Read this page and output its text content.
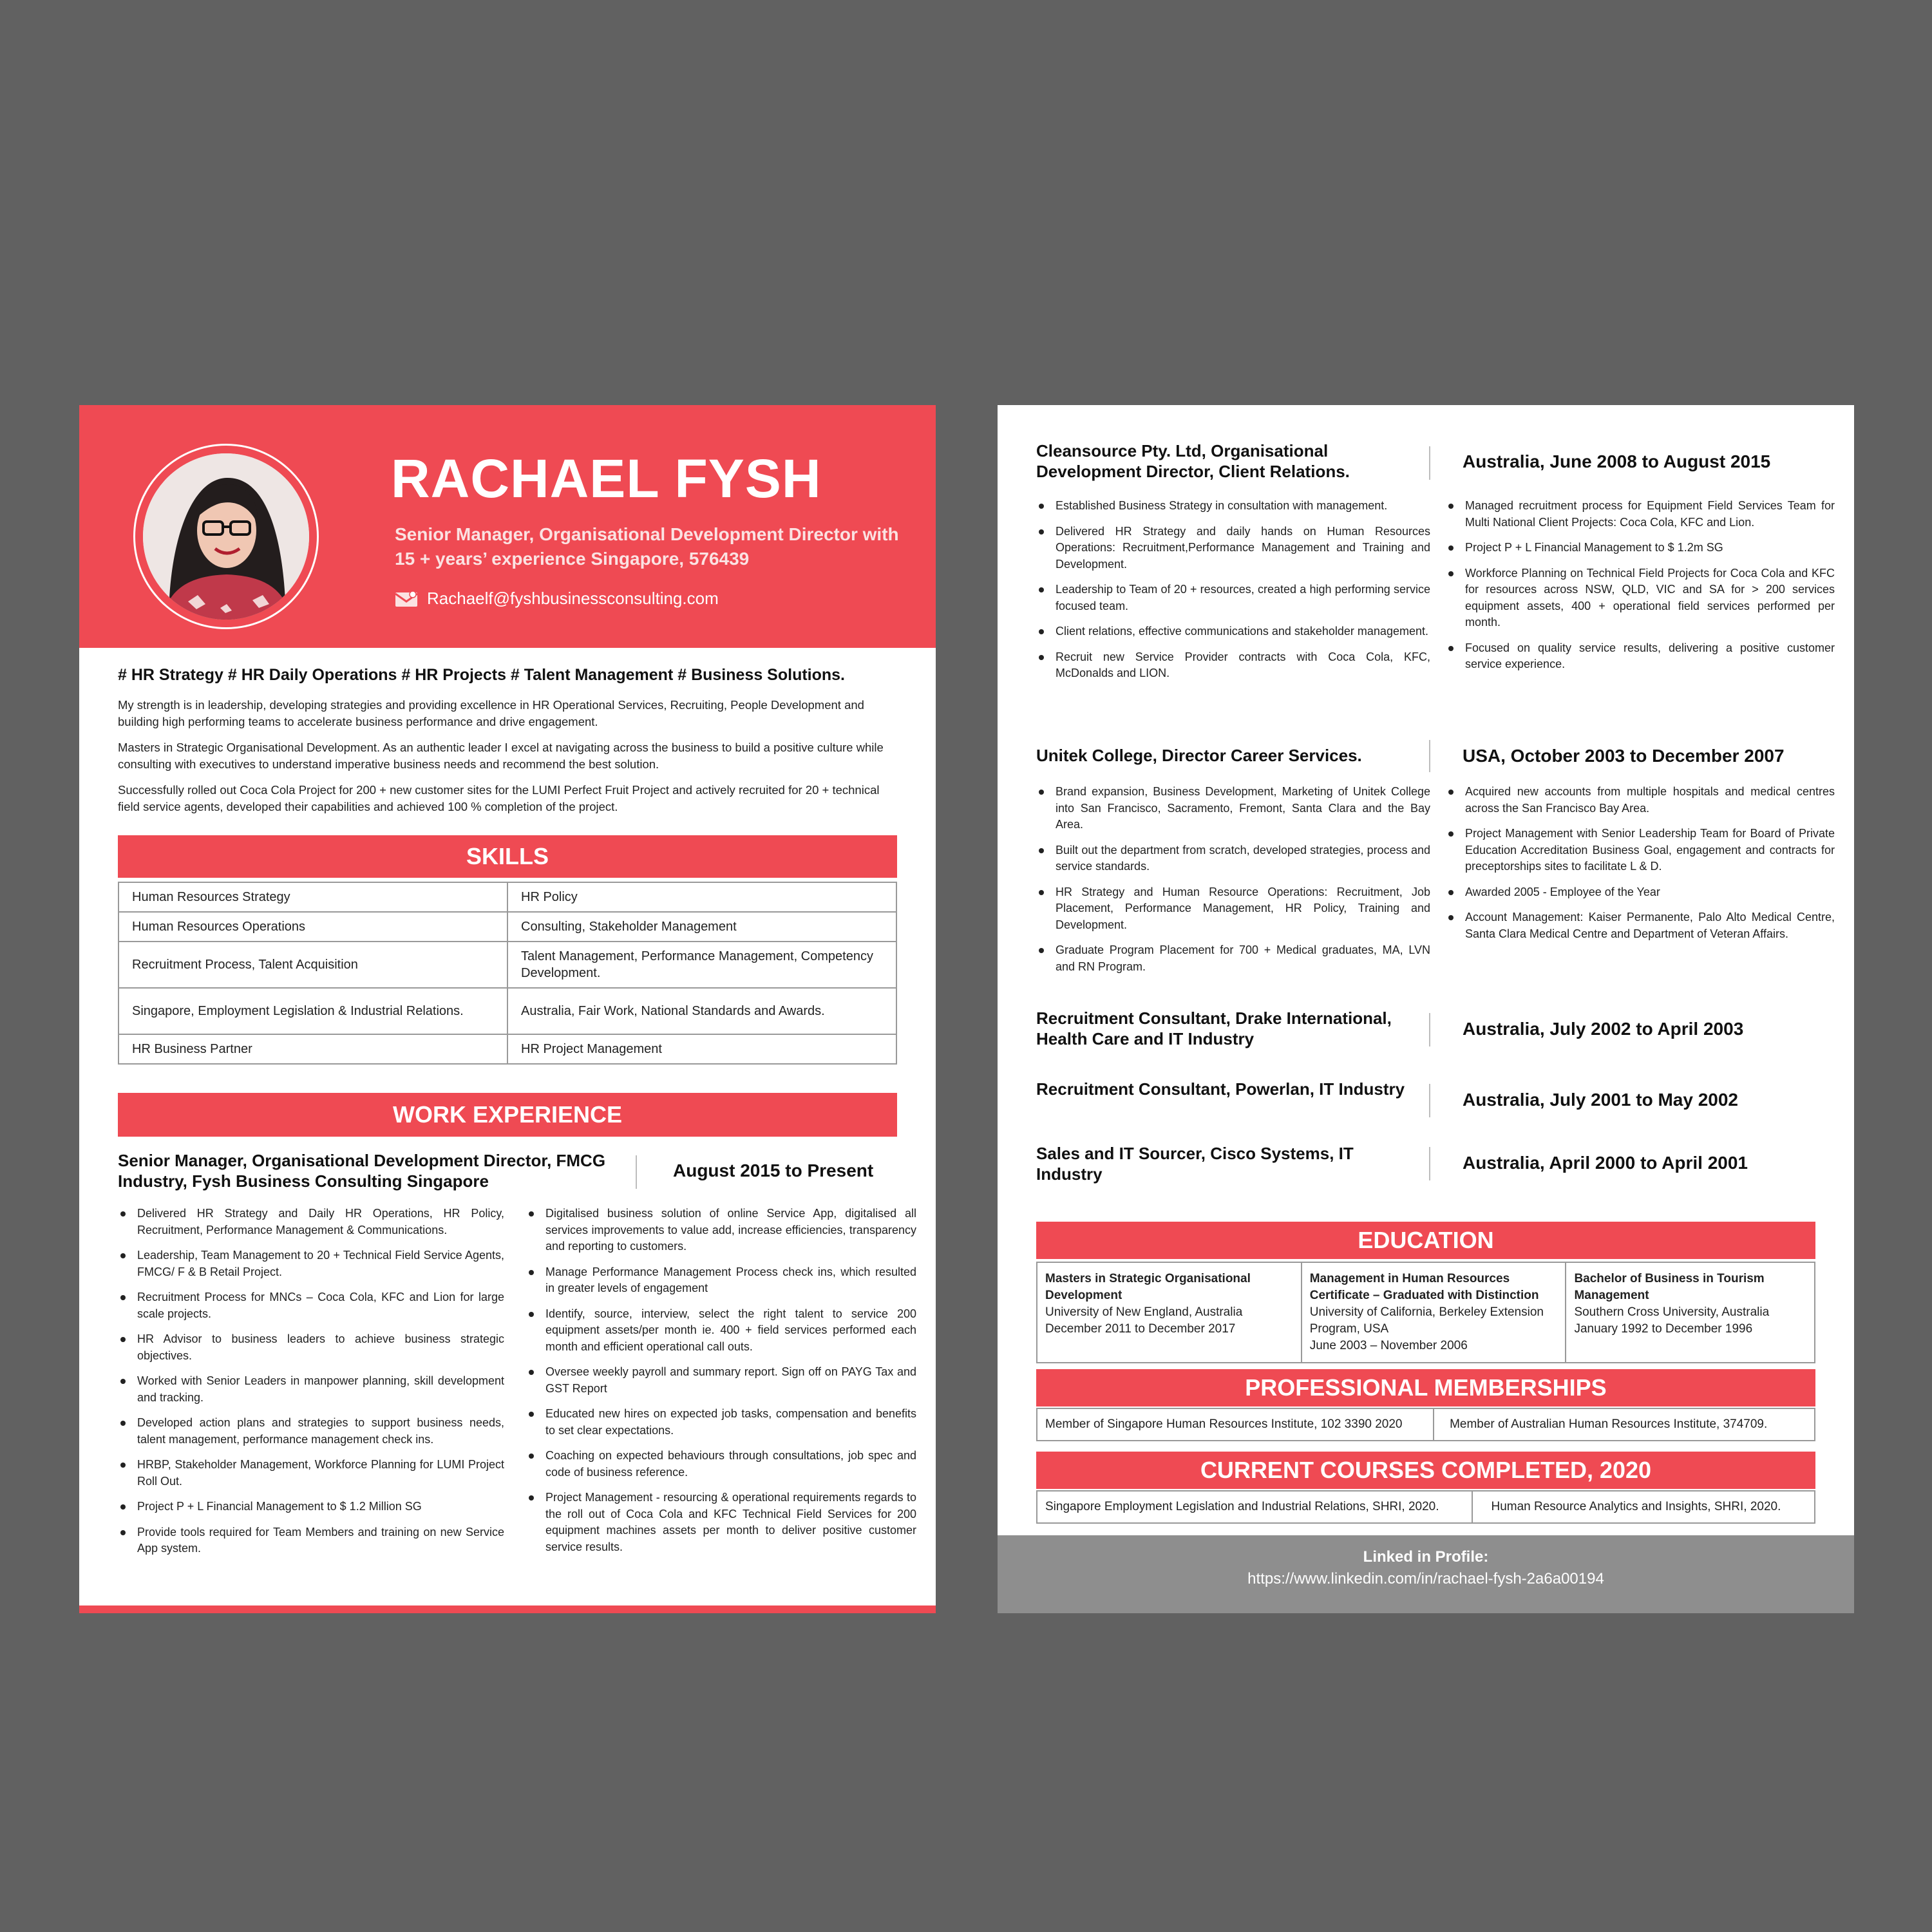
RACHAEL FYSH
Senior Manager, Organisational Development Director with 15 + years’ experience Singapore, 576439
Rachaelf@fyshbusinessconsulting.com
# HR Strategy # HR Daily Operations # HR Projects # Talent Management # Business Solutions.
My strength is in leadership, developing strategies and providing excellence in HR Operational Services, Recruiting, People Development and building high performing teams to accelerate business performance and drive engagement.
Masters in Strategic Organisational Development. As an authentic leader I excel at navigating across the business to build a positive culture while consulting with executives to understand imperative business needs and recommend the best solution.
Successfully rolled out Coca Cola Project for 200 + new customer sites for the LUMI Perfect Fruit Project and actively recruited for 20 + technical field service agents, developed their capabilities and achieved 100 % completion of the project.
SKILLS
Human Resources Strategy	HR Policy
Human Resources Operations	Consulting, Stakeholder Management
Recruitment Process, Talent Acquisition	Talent Management, Performance Management, Competency Development.
Singapore, Employment Legislation & Industrial Relations.	Australia, Fair Work, National Standards and Awards.
HR Business Partner	HR Project Management
WORK EXPERIENCE
Senior Manager, Organisational Development Director, FMCG Industry, Fysh Business Consulting Singapore
August 2015 to Present
Delivered HR Strategy and Daily HR Operations, HR Policy, Recruitment, Performance Management & Communications.
Leadership, Team Management to 20 + Technical Field Service Agents, FMCG/ F & B Retail Project.
Recruitment Process for MNCs – Coca Cola, KFC and Lion for large scale projects.
HR Advisor to business leaders to achieve business strategic objectives.
Worked with Senior Leaders in manpower planning, skill development and tracking.
Developed action plans and strategies to support business needs, talent management, performance management check ins.
HRBP, Stakeholder Management, Workforce Planning for LUMI Project Roll Out.
Project P + L Financial Management to $ 1.2 Million SG
Provide tools required for Team Members and training on new Service App system.
Digitalised business solution of online Service App, digitalised all services improvements to value add, increase efficiencies, transparency and reporting to customers.
Manage Performance Management Process check ins, which resulted in greater levels of engagement
Identify, source, interview, select the right talent to service 200 equipment assets/per month ie. 400 + field services performed each month and efficient operational call outs.
Oversee weekly payroll and summary report. Sign off on PAYG Tax and GST Report
Educated new hires on expected job tasks, compensation and benefits to set clear expectations.
Coaching on expected behaviours through consultations, job spec and code of business reference.
Project Management - resourcing & operational requirements regards to the roll out of Coca Cola and KFC Technical Field Services for 200 equipment machines assets per month to deliver positive customer service results.
Cleansource Pty. Ltd, Organisational Development Director, Client Relations.	Australia, June 2008 to August 2015
Established Business Strategy in consultation with management.
Delivered HR Strategy and daily hands on Human Resources Operations: Recruitment,Performance Management and Training and Development.
Leadership to Team of 20 + resources, created a high performing service focused team.
Client relations, effective communications and stakeholder management.
Recruit new Service Provider contracts with Coca Cola, KFC, McDonalds and LION.
Managed recruitment process for Equipment Field Services Team for Multi National Client Projects: Coca Cola, KFC and Lion.
Project P + L Financial Management to $ 1.2m SG
Workforce Planning on Technical Field Projects for Coca Cola and KFC for resources across NSW, QLD, VIC and SA for > 200 services equipment assets, 400 + operational field services performed per month.
Focused on quality service results, delivering a positive customer service experience.
Unitek College, Director Career Services.	USA, October 2003 to December 2007
Brand expansion, Business Development, Marketing of Unitek College into San Francisco, Sacramento, Fremont, Santa Clara and the Bay Area.
Built out the department from scratch, developed strategies, process and service standards.
HR Strategy and Human Resource Operations: Recruitment, Job Placement, Performance Management, HR Policy, Training and Development.
Graduate Program Placement for 700 + Medical graduates, MA, LVN and RN Program.
Acquired new accounts from multiple hospitals and medical centres across the San Francisco Bay Area.
Project Management with Senior Leadership Team for Board of Private Education Accreditation Business Goal, engagement and contracts for preceptorships sites to facilitate L & D.
Awarded 2005 - Employee of the Year
Account Management: Kaiser Permanente, Palo Alto Medical Centre, Santa Clara Medical Centre and Department of Veteran Affairs.
Recruitment Consultant, Drake International, Health Care and IT Industry	Australia, July 2002 to April 2003
Recruitment Consultant, Powerlan, IT Industry
Australia, July 2001 to May 2002
Sales and IT Sourcer, Cisco Systems, IT Industry
Australia, April 2000 to April 2001
EDUCATION
Masters in Strategic Organisational Development
University of New England, Australia
December 2011 to December 2017

Management in Human Resources Certificate – Graduated with Distinction
University of California, Berkeley Extension Program, USA
June 2003 – November 2006

Bachelor of Business in Tourism Management
Southern Cross University, Australia
January 1992 to December 1996
PROFESSIONAL MEMBERSHIPS
Member of Singapore Human Resources Institute, 102 3390 2020	Member of Australian Human Resources Institute, 374709.
CURRENT COURSES COMPLETED, 2020
Singapore Employment Legislation and Industrial Relations, SHRI, 2020.	Human Resource Analytics and Insights, SHRI, 2020.
Linked in Profile:
https://www.linkedin.com/in/rachael-fysh-2a6a00194
